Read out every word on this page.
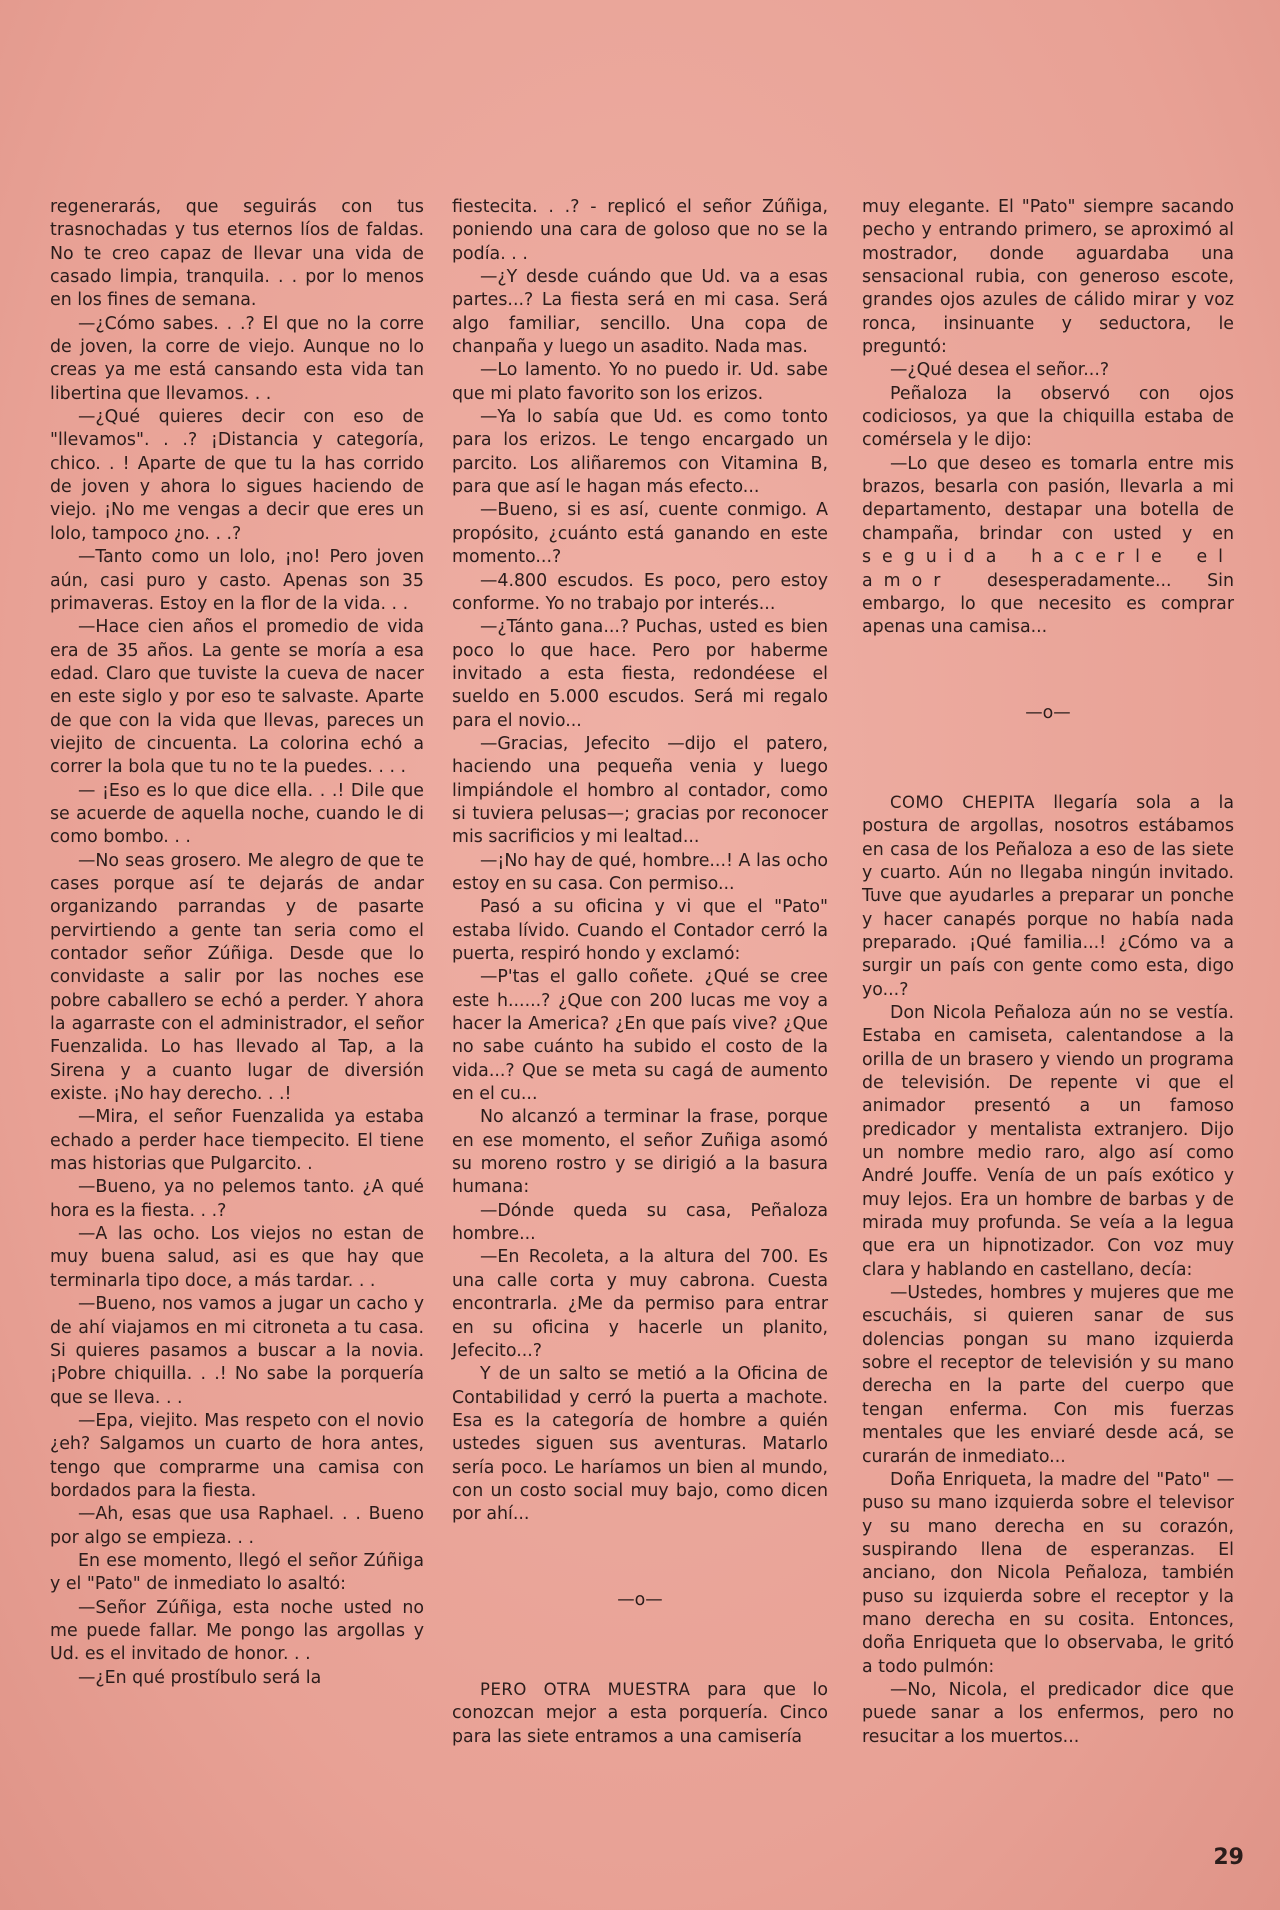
regenerarás, que seguirás con tus trasnochadas y tus eternos líos de faldas. No te creo capaz de llevar una vida de casado limpia, tranquila. . . por lo menos en los fines de semana.

—¿Cómo sabes. . .? El que no la corre de joven, la corre de viejo. Aunque no lo creas ya me está cansando esta vida tan libertina que llevamos. . .

—¿Qué quieres decir con eso de "llevamos". . .? ¡Distancia y categoría, chico. . ! Aparte de que tu la has corrido de joven y ahora lo sigues haciendo de viejo. ¡No me vengas a decir que eres un lolo, tampoco ¿no. . .?

—Tanto como un lolo, ¡no! Pero joven aún, casi puro y casto. Apenas son 35 primaveras. Estoy en la flor de la vida. . .

—Hace cien años el promedio de vida era de 35 años. La gente se moría a esa edad. Claro que tuviste la cueva de nacer en este siglo y por eso te salvaste. Aparte de que con la vida que llevas, pareces un viejito de cincuenta. La colorina echó a correr la bola que tu no te la puedes. . . .

— ¡Eso es lo que dice ella. . .! Dile que se acuerde de aquella noche, cuando le di como bombo. . .

—No seas grosero. Me alegro de que te cases porque así te dejarás de andar organizando parrandas y de pasarte pervirtiendo a gente tan seria como el contador señor Zúñiga. Desde que lo convidaste a salir por las noches ese pobre caballero se echó a perder. Y ahora la agarraste con el administrador, el señor Fuenzalida. Lo has llevado al Tap, a la Sirena y a cuanto lugar de diversión existe. ¡No hay derecho. . .!

—Mira, el señor Fuenzalida ya estaba echado a perder hace tiempecito. El tiene mas historias que Pulgarcito. .

—Bueno, ya no pelemos tanto. ¿A qué hora es la fiesta. . .?

—A las ocho. Los viejos no estan de muy buena salud, asi es que hay que terminarla tipo doce, a más tardar. . .

—Bueno, nos vamos a jugar un cacho y de ahí viajamos en mi citroneta a tu casa. Si quieres pasamos a buscar a la novia. ¡Pobre chiquilla. . .! No sabe la porquería que se lleva. . .

—Epa, viejito. Mas respeto con el novio ¿eh? Salgamos un cuarto de hora antes, tengo que comprarme una camisa con bordados para la fiesta.

—Ah, esas que usa Raphael. . . Bueno por algo se empieza. . .

En ese momento, llegó el señor Zúñiga y el "Pato" de inmediato lo asaltó:

—Señor Zúñiga, esta noche usted no me puede fallar. Me pongo las argollas y Ud. es el invitado de honor. . .

—¿En qué prostíbulo será la

fiestecita. . .? - replicó el señor Zúñiga, poniendo una cara de goloso que no se la podía. . .

—¿Y desde cuándo que Ud. va a esas partes...? La fiesta será en mi casa. Será algo familiar, sencillo. Una copa de chanpaña y luego un asadito. Nada mas.

—Lo lamento. Yo no puedo ir. Ud. sabe que mi plato favorito son los erizos.

—Ya lo sabía que Ud. es como tonto para los erizos. Le tengo encargado un parcito. Los aliñaremos con Vitamina B, para que así le hagan más efecto...

—Bueno, si es así, cuente conmigo. A propósito, ¿cuánto está ganando en este momento...?

—4.800 escudos. Es poco, pero estoy conforme. Yo no trabajo por interés...

—¿Tánto gana...? Puchas, usted es bien poco lo que hace. Pero por haberme invitado a esta fiesta, redondéese el sueldo en 5.000 escudos. Será mi regalo para el novio...

—Gracias, Jefecito —dijo el patero, haciendo una pequeña venia y luego limpiándole el hombro al contador, como si tuviera pelusas—; gracias por reconocer mis sacrificios y mi lealtad...

—¡No hay de qué, hombre...! A las ocho estoy en su casa. Con permiso...

Pasó a su oficina y vi que el "Pato" estaba lívido. Cuando el Contador cerró la puerta, respiró hondo y exclamó:

—P'tas el gallo coñete. ¿Qué se cree este h......? ¿Que con 200 lucas me voy a hacer la America? ¿En que país vive? ¿Que no sabe cuánto ha subido el costo de la vida...? Que se meta su cagá de aumento en el cu...

No alcanzó a terminar la frase, porque en ese momento, el señor Zuñiga asomó su moreno rostro y se dirigió a la basura humana:

—Dónde queda su casa, Peñaloza hombre...

—En Recoleta, a la altura del 700. Es una calle corta y muy cabrona. Cuesta encontrarla. ¿Me da permiso para entrar en su oficina y hacerle un planito, Jefecito...?

Y de un salto se metió a la Oficina de Contabilidad y cerró la puerta a machote. Esa es la categoría de hombre a quién ustedes siguen sus aventuras. Matarlo sería poco. Le haríamos un bien al mundo, con un costo social muy bajo, como dicen por ahí...

—o—

PERO OTRA MUESTRA para que lo conozcan mejor a esta porquería. Cinco para las siete entramos a una camisería

muy elegante. El "Pato" siempre sacando pecho y entrando primero, se aproximó al mostrador, donde aguardaba una sensacional rubia, con generoso escote, grandes ojos azules de cálido mirar y voz ronca, insinuante y seductora, le preguntó:

—¿Qué desea el señor...?

Peñaloza la observó con ojos codiciosos, ya que la chiquilla estaba de comérsela y le dijo:

—Lo que deseo es tomarla entre mis brazos, besarla con pasión, llevarla a mi departamento, destapar una botella de champaña, brindar con usted y en seguida hacerle el amor desesperadamente... Sin embargo, lo que necesito es comprar apenas una camisa...

—o—

COMO CHEPITA llegaría sola a la postura de argollas, nosotros estábamos en casa de los Peñaloza a eso de las siete y cuarto. Aún no llegaba ningún invitado. Tuve que ayudarles a preparar un ponche y hacer canapés porque no había nada preparado. ¡Qué familia...! ¿Cómo va a surgir un país con gente como esta, digo yo...?

Don Nicola Peñaloza aún no se vestía. Estaba en camiseta, calentandose a la orilla de un brasero y viendo un programa de televisión. De repente vi que el animador presentó a un famoso predicador y mentalista extranjero. Dijo un nombre medio raro, algo así como André Jouffe. Venía de un país exótico y muy lejos. Era un hombre de barbas y de mirada muy profunda. Se veía a la legua que era un hipnotizador. Con voz muy clara y hablando en castellano, decía:

—Ustedes, hombres y mujeres que me escucháis, si quieren sanar de sus dolencias pongan su mano izquierda sobre el receptor de televisión y su mano derecha en la parte del cuerpo que tengan enferma. Con mis fuerzas mentales que les enviaré desde acá, se curarán de inmediato...

Doña Enriqueta, la madre del "Pato" —puso su mano izquierda sobre el televisor y su mano derecha en su corazón, suspirando llena de esperanzas. El anciano, don Nicola Peñaloza, también puso su izquierda sobre el receptor y la mano derecha en su cosita. Entonces, doña Enriqueta que lo observaba, le gritó a todo pulmón:

—No, Nicola, el predicador dice que puede sanar a los enfermos, pero no resucitar a los muertos...

29
